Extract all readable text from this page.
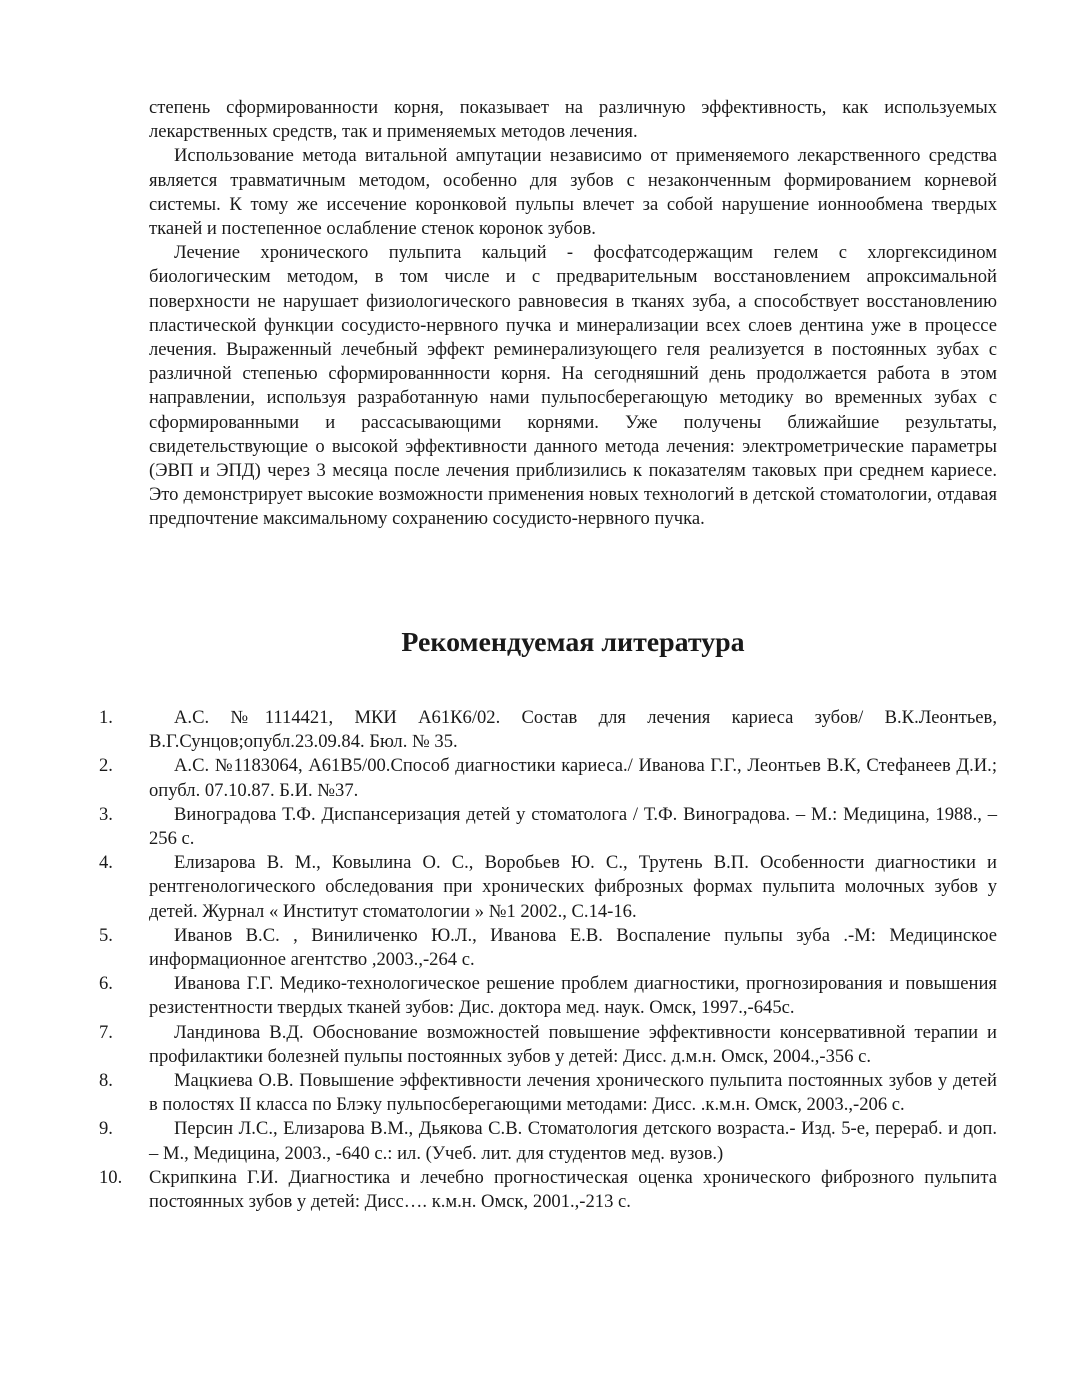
степень сформированности корня, показывает на различную эффективность, как используемых лекарственных средств, так и применяемых методов лечения.

Использование метода витальной ампутации независимо от применяемого лекарственного средства является травматичным методом, особенно для зубов с незаконченным формированием корневой системы. К тому же иссечение коронковой пульпы влечет за собой нарушение ионнообмена твердых тканей и постепенное ослабление стенок коронок зубов.

Лечение хронического пульпита кальций - фосфатсодержащим гелем с хлоргексидином биологическим методом, в том числе и с предварительным восстановлением апроксимальной поверхности не нарушает физиологического равновесия в тканях зуба, а способствует восстановлению пластической функции сосудисто-нервного пучка и минерализации всех слоев дентина уже в процессе лечения. Выраженный лечебный эффект реминерализующего геля реализуется в постоянных зубах с различной степенью сформированнности корня. На сегодняшний день продолжается работа в этом направлении, используя разработанную нами пульпосберегающую методику во временных зубах с сформированными и рассасывающими корнями. Уже получены ближайшие результаты, свидетельствующие о высокой эффективности данного метода лечения: электрометрические параметры (ЭВП и ЭПД) через 3 месяца после лечения приблизились к показателям таковых при среднем кариесе. Это демонстрирует высокие возможности применения новых технологий в детской стоматологии, отдавая предпочтение максимальному сохранению сосудисто-нервного пучка.

Рекомендуемая литература
1.	А.С. №1114421, МКИ А61К6/02. Состав для лечения кариеса зубов/ В.К.Леонтьев, В.Г.Сунцов;опубл.23.09.84. Бюл. № 35.
2.	А.С. №1183064, А61В5/00.Способ диагностики кариеса./ Иванова Г.Г., Леонтьев В.К, Стефанеев Д.И.; опубл. 07.10.87. Б.И. №37.
3.	Виноградова Т.Ф. Диспансеризация детей у стоматолога / Т.Ф. Виноградова. – М.: Медицина, 1988., – 256 с.
4.	Елизарова В. М., Ковылина О. С., Воробьев Ю. С., Трутень В.П. Особенности диагностики и рентгенологического обследования при хронических фиброзных формах пульпита молочных зубов у детей. Журнал « Институт стоматологии » №1 2002., С.14-16.
5.	Иванов В.С. , Виниличенко Ю.Л., Иванова Е.В. Воспаление пульпы зуба .-М: Медицинское информационное агентство ,2003.,-264 с.
6.	Иванова Г.Г. Медико-технологическое решение проблем диагностики, прогнозирования и повышения резистентности твердых тканей зубов: Дис. доктора мед. наук. Омск, 1997.,-645с.
7.	Ландинова В.Д. Обоснование возможностей повышение эффективности консервативной терапии и профилактики болезней пульпы постоянных зубов у детей: Дисс. д.м.н. Омск, 2004.,-356 с.
8.	Мацкиева О.В. Повышение эффективности лечения хронического пульпита постоянных зубов у детей в полостях II класса по Блэку пульпосберегающими методами: Дисс. .к.м.н. Омск, 2003.,-206 с.
9.	Персин Л.С., Елизарова В.М., Дьякова С.В. Стоматология детского возраста.- Изд. 5-е, перераб. и доп. – М., Медицина, 2003., -640 с.: ил. (Учеб. лит. для студентов мед. вузов.)
10.	Скрипкина Г.И. Диагностика и лечебно прогностическая оценка хронического фиброзного пульпита постоянных зубов у детей: Дисс…. к.м.н. Омск, 2001.,-213 с.
